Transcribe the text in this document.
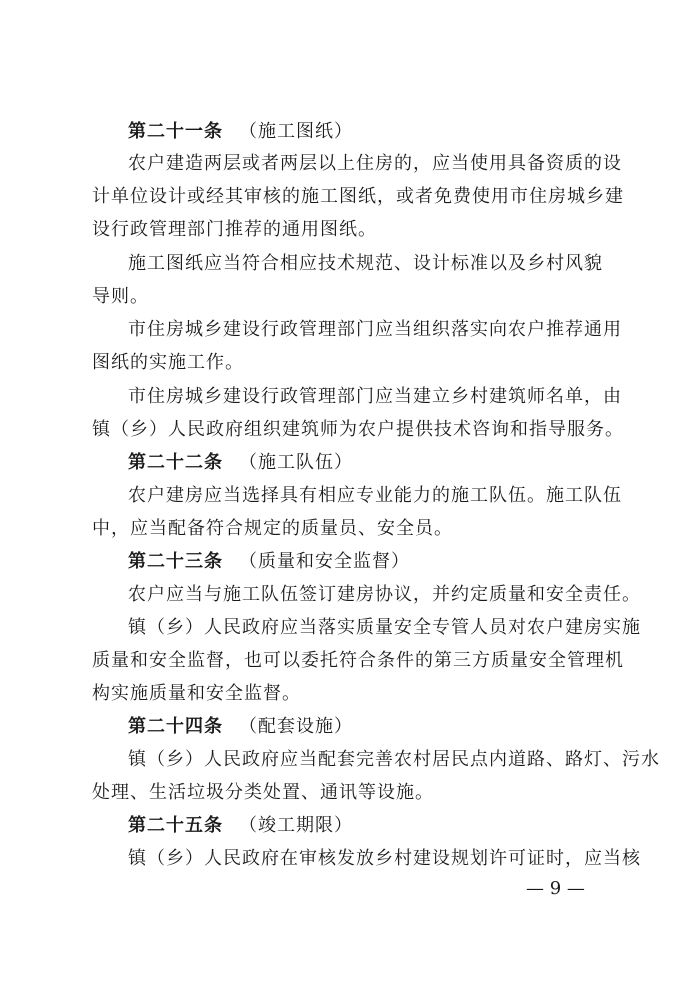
第二十一条 （施工图纸）
农户建造两层或者两层以上住房的，应当使用具备资质的设
计单位设计或经其审核的施工图纸，或者免费使用市住房城乡建
设行政管理部门推荐的通用图纸。
施工图纸应当符合相应技术规范、设计标准以及乡村风貌
导则。
市住房城乡建设行政管理部门应当组织落实向农户推荐通用
图纸的实施工作。
市住房城乡建设行政管理部门应当建立乡村建筑师名单，由
镇（乡）人民政府组织建筑师为农户提供技术咨询和指导服务。
第二十二条 （施工队伍）
农户建房应当选择具有相应专业能力的施工队伍。施工队伍
中，应当配备符合规定的质量员、安全员。
第二十三条 （质量和安全监督）
农户应当与施工队伍签订建房协议，并约定质量和安全责任。
镇（乡）人民政府应当落实质量安全专管人员对农户建房实施
质量和安全监督，也可以委托符合条件的第三方质量安全管理机
构实施质量和安全监督。
第二十四条 （配套设施）
镇（乡）人民政府应当配套完善农村居民点内道路、路灯、污水
处理、生活垃圾分类处置、通讯等设施。
第二十五条 （竣工期限）
镇（乡）人民政府在审核发放乡村建设规划许可证时，应当核
— 9 —
